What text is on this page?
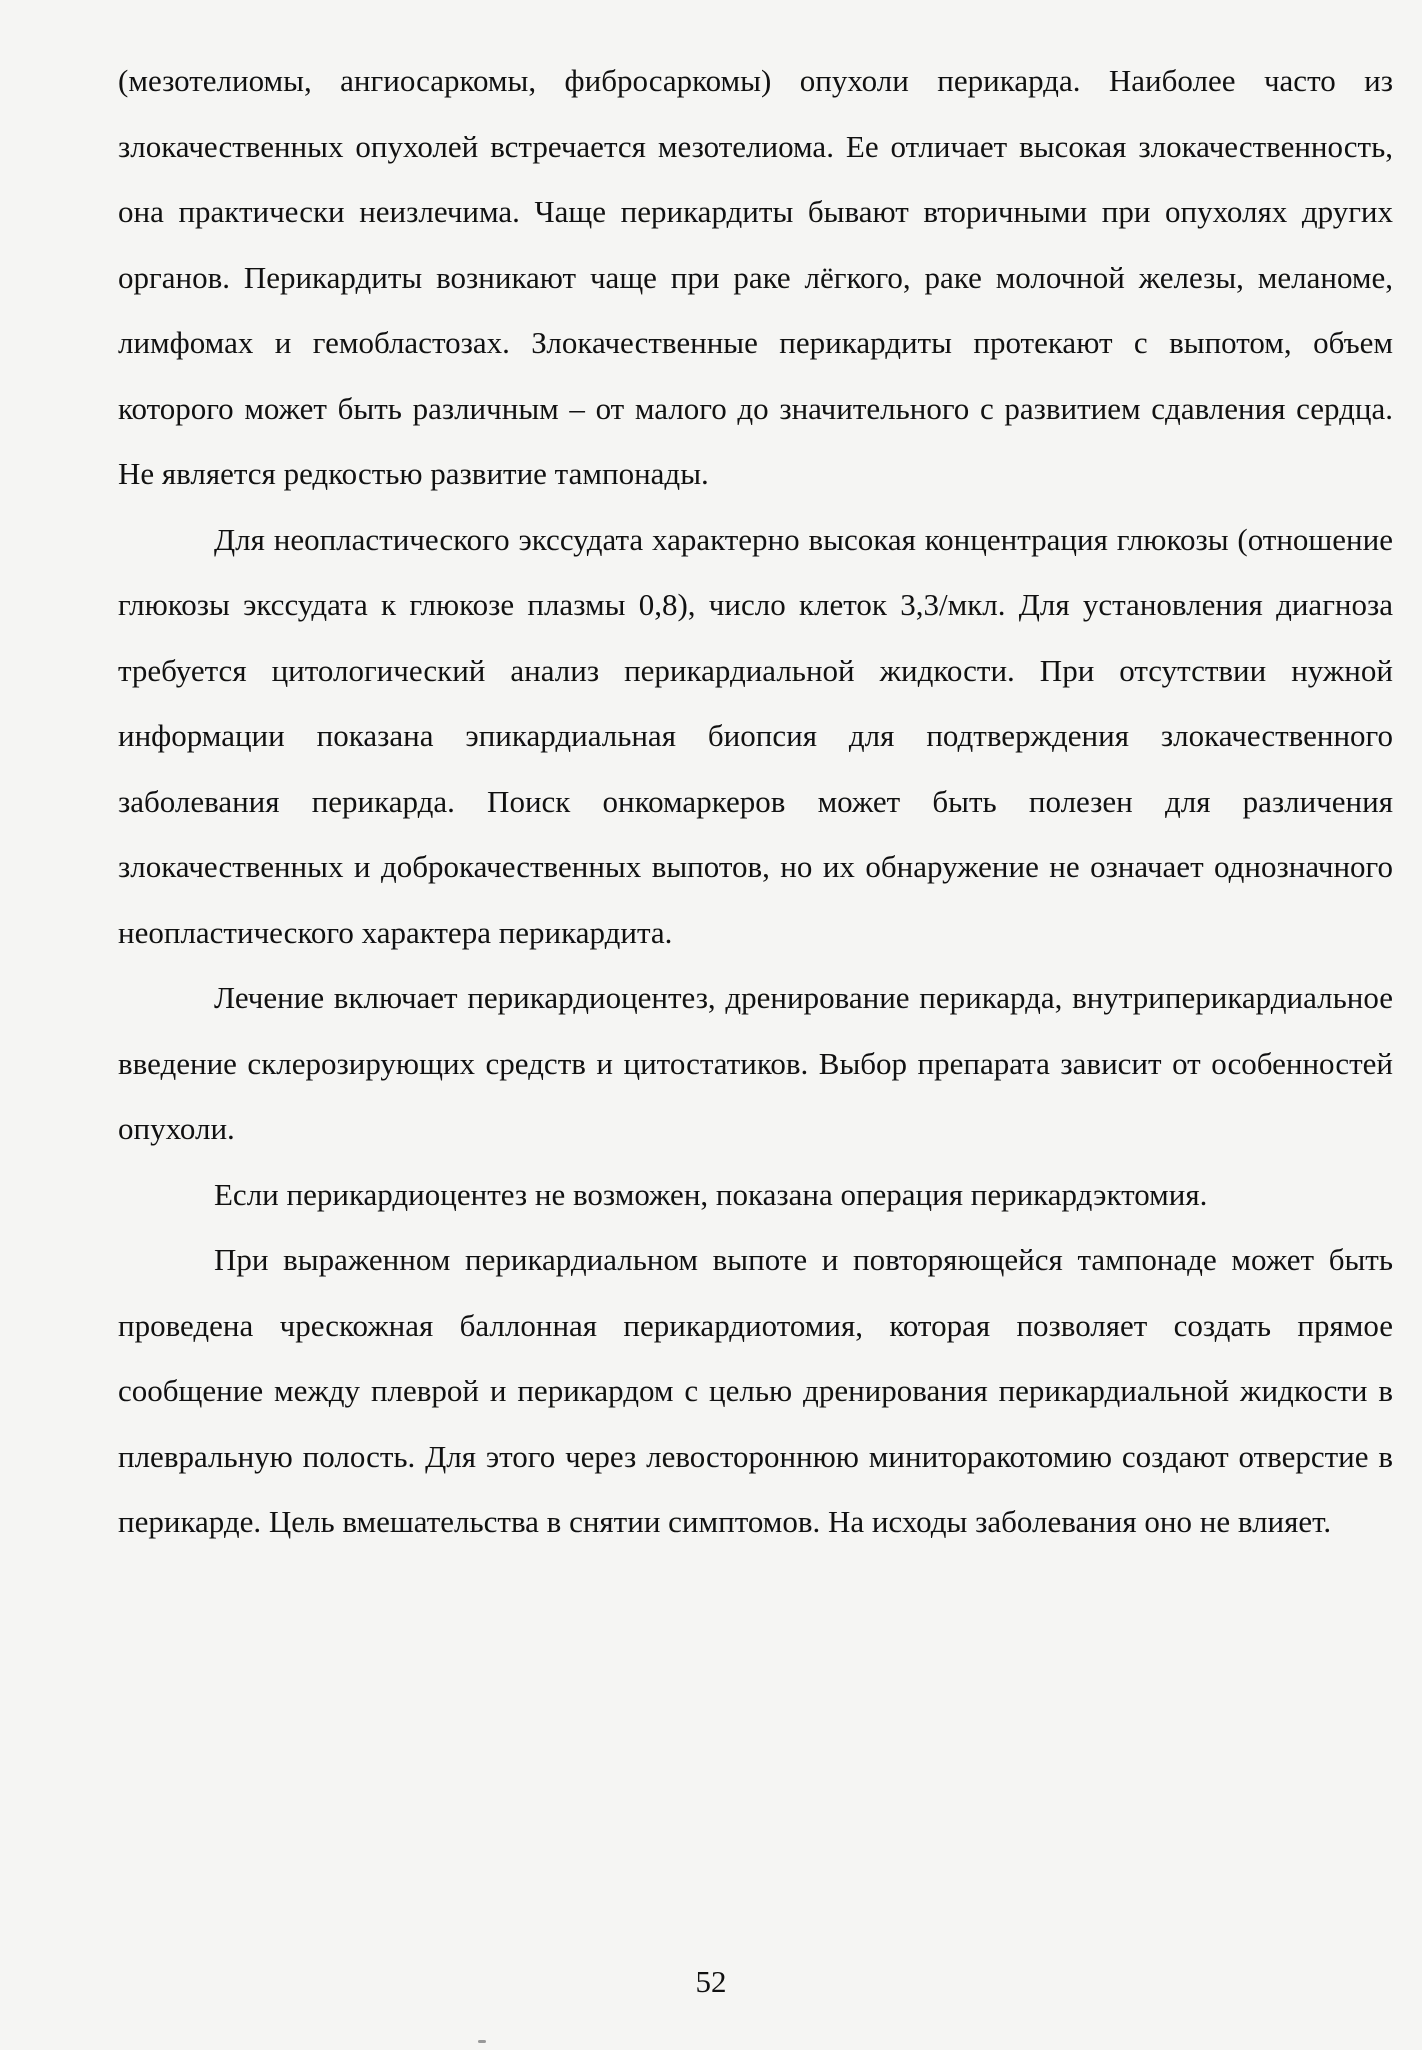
(мезотелиомы, ангиосаркомы, фибросаркомы) опухоли перикарда. Наиболее часто из злокачественных опухолей встречается мезотелиома. Ее отличает высокая злокачественность, она практически неизлечима. Чаще перикардиты бывают вторичными при опухолях других органов. Перикардиты возникают чаще при раке лёгкого, раке молочной железы, меланоме, лимфомах и гемобластозах. Злокачественные перикардиты протекают с выпотом, объем которого может быть различным – от малого до значительного с развитием сдавления сердца. Не является редкостью развитие тампонады.

Для неопластического экссудата характерно высокая концентрация глюкозы (отношение глюкозы экссудата к глюкозе плазмы 0,8), число клеток 3,3/мкл. Для установления диагноза требуется цитологический анализ перикардиальной жидкости. При отсутствии нужной информации показана эпикардиальная биопсия для подтверждения злокачественного заболевания перикарда. Поиск онкомаркеров может быть полезен для различения злокачественных и доброкачественных выпотов, но их обнаружение не означает однозначного неопластического характера перикардита.

Лечение включает перикардиоцентез, дренирование перикарда, внутриперикардиальное введение склерозирующих средств и цитостатиков. Выбор препарата зависит от особенностей опухоли.

Если перикардиоцентез не возможен, показана операция перикардэктомия.

При выраженном перикардиальном выпоте и повторяющейся тампонаде может быть проведена чрескожная баллонная перикардиотомия, которая позволяет создать прямое сообщение между плеврой и перикардом с целью дренирования перикардиальной жидкости в плевральную полость. Для этого через левостороннюю миниторакотомию создают отверстие в перикарде. Цель вмешательства в снятии симптомов. На исходы заболевания оно не влияет.

52
